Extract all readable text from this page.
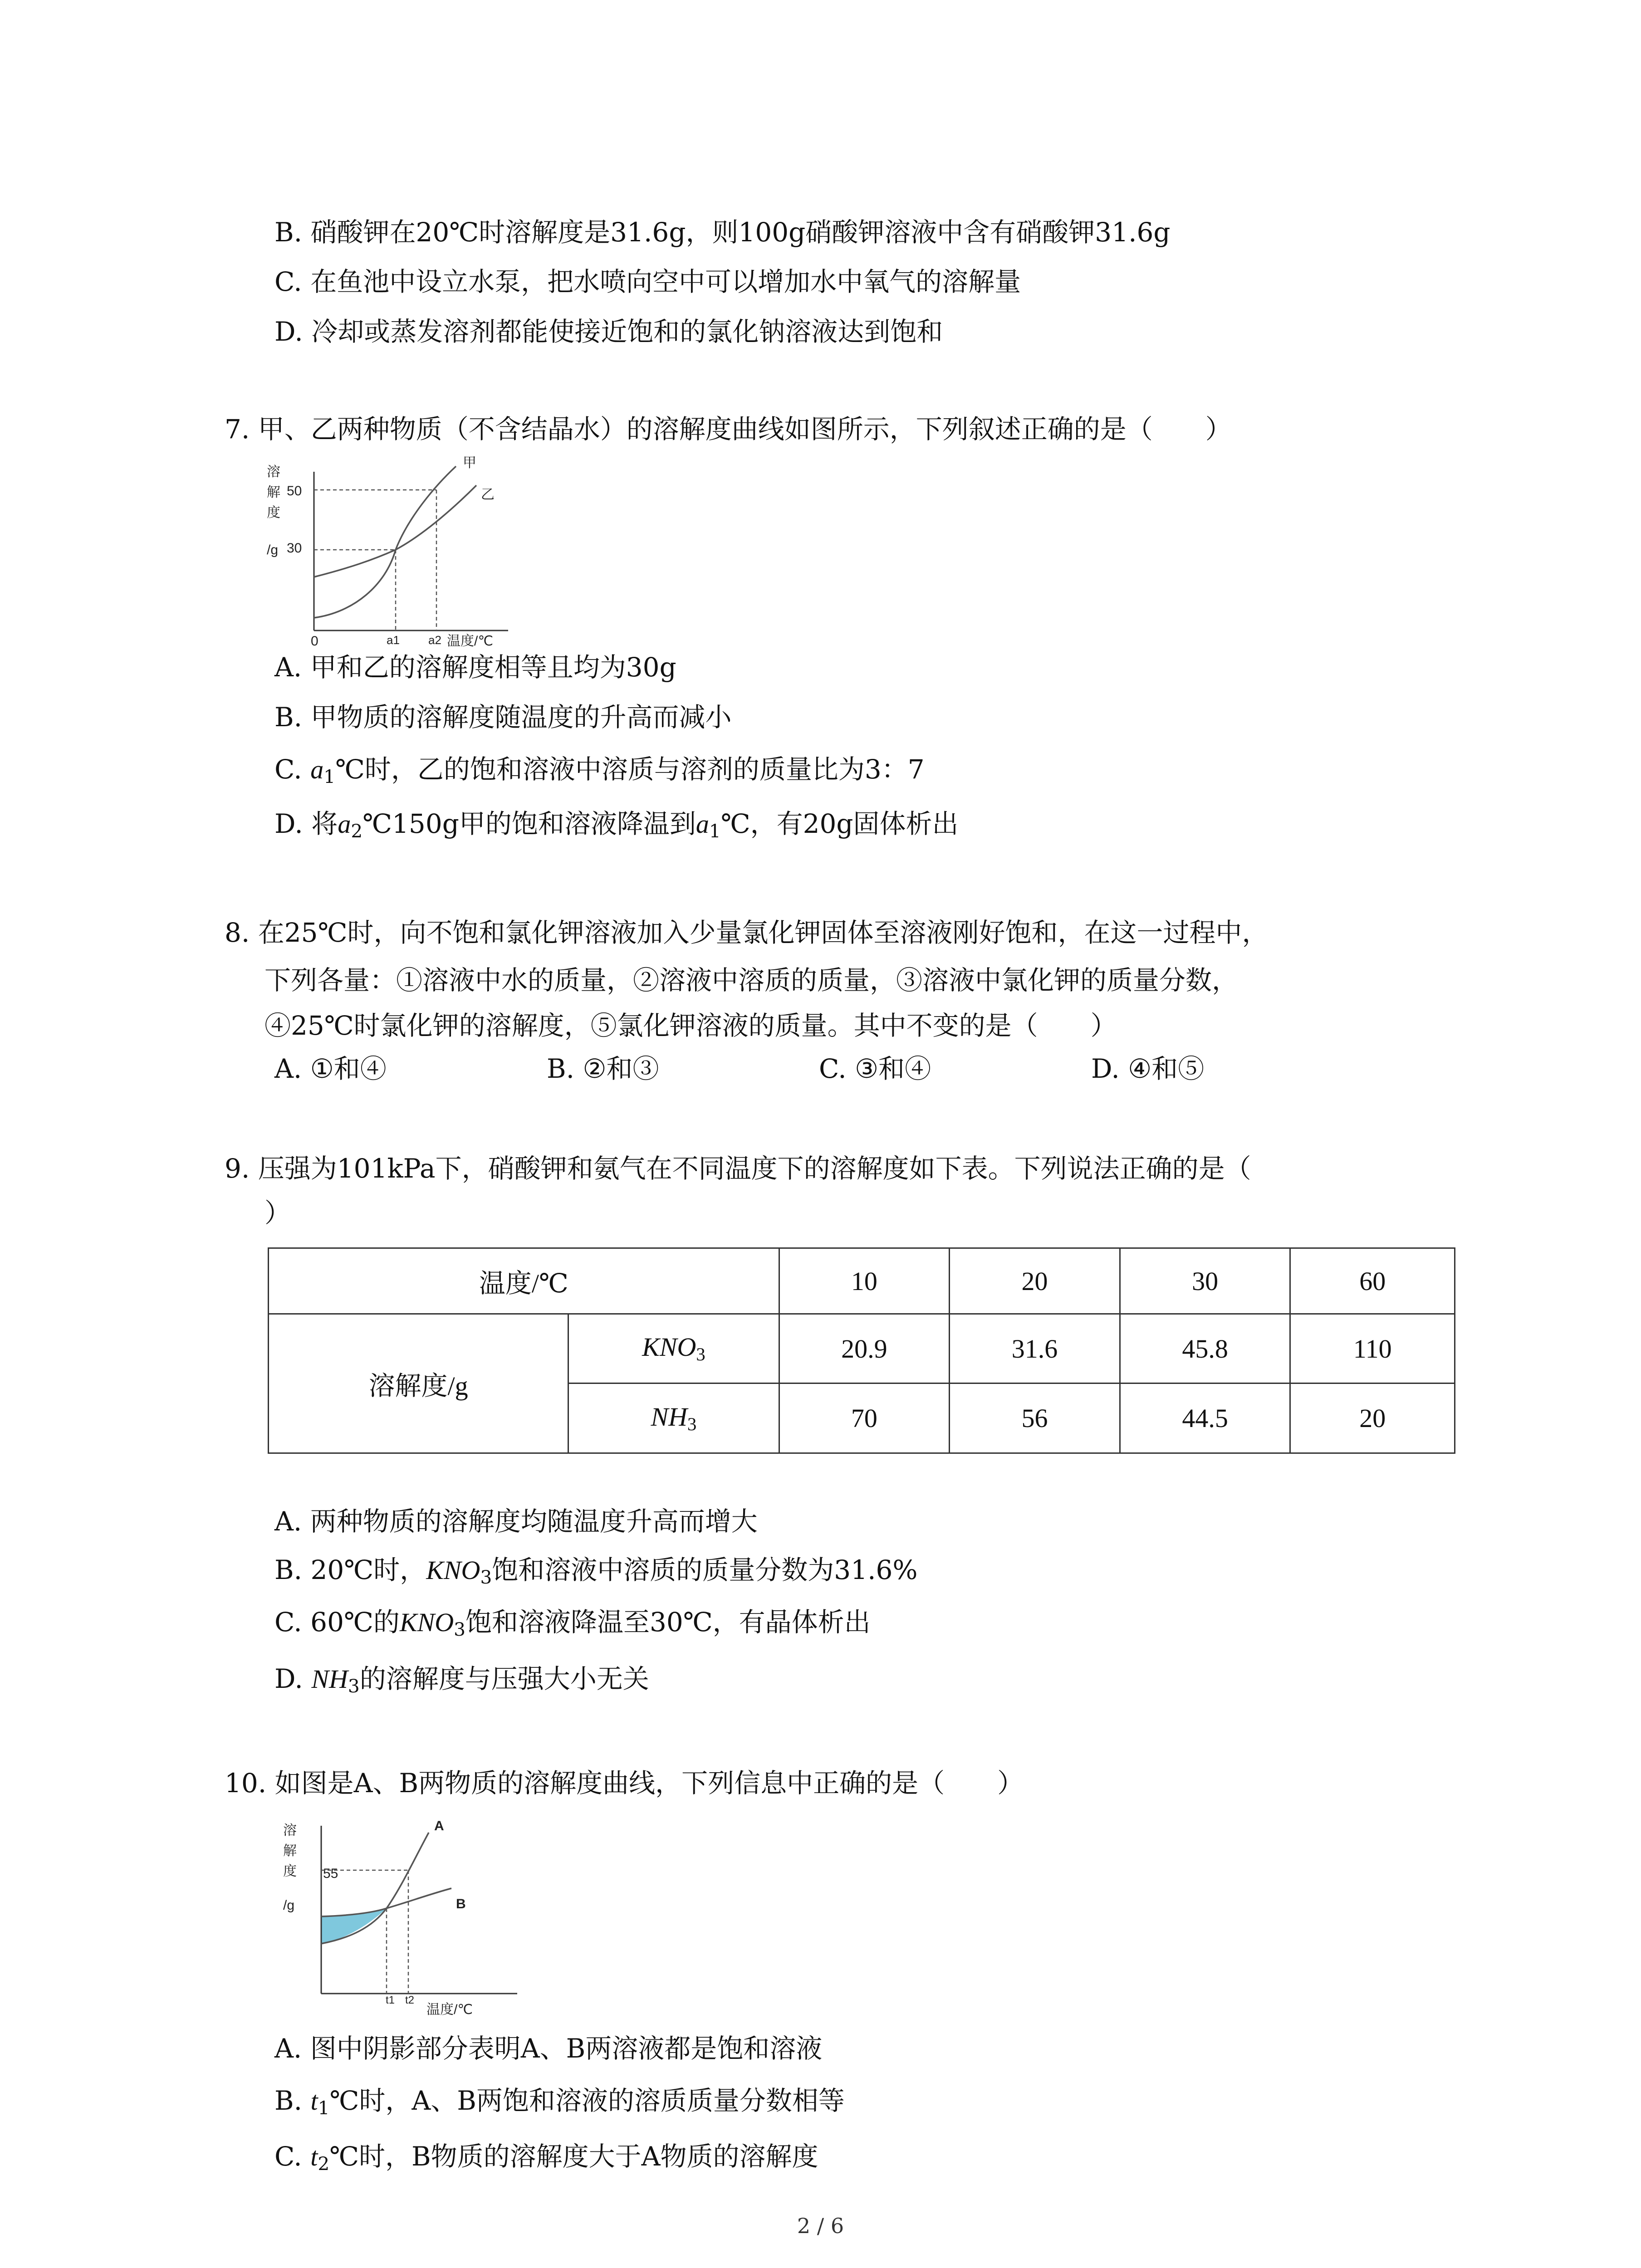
B. 硝酸钾在20℃时溶解度是31.6g，则100g硝酸钾溶液中含有硝酸钾31.6g
C. 在鱼池中设立水泵，把水喷向空中可以增加水中氧气的溶解量
D. 冷却或蒸发溶剂都能使接近饱和的氯化钠溶液达到饱和
7. 甲、乙两种物质（不含结晶水）的溶解度曲线如图所示，下列叙述正确的是（　　）
溶
解
度
/g
50
30
0	a1 a2 温度/℃
甲
乙
A. 甲和乙的溶解度相等且均为30g
B. 甲物质的溶解度随温度的升高而减小
C. $a_1℃$时，乙的饱和溶液中溶质与溶剂的质量比为3：7
D. 将$a_2℃150g$甲的饱和溶液降温到$a_1℃$，有20g固体析出
8. 在25℃时，向不饱和氯化钾溶液加入少量氯化钾固体至溶液刚好饱和，在这一过程中，
下列各量：①溶液中水的质量，②溶液中溶质的质量，③溶液中氯化钾的质量分数，
④25℃时氯化钾的溶解度，⑤氯化钾溶液的质量。其中不变的是（　　）
A. ①和④	B. ②和③	C. ③和④	D. ④和⑤
9. 压强为101kPa下，硝酸钾和氨气在不同温度下的溶解度如下表。下列说法正确的是（
）
温度/℃		10	20	30	60
溶解度/g	$KNO_3$	20.9	31.6	45.8	110
	$NH_3$	70	56	44.5	20
A. 两种物质的溶解度均随温度升高而增大
B. 20℃时，$KNO_3$饱和溶液中溶质的质量分数为31.6%
C. 60℃的$KNO_3$饱和溶液降温至30℃，有晶体析出
D. $NH_3$的溶解度与压强大小无关
10. 如图是A、B两物质的溶解度曲线，下列信息中正确的是（　　）
溶
解
度
/g
55
t1 t2
温度/℃
A
B
A. 图中阴影部分表明A、B两溶液都是饱和溶液
B. $t_1℃$时，A、B两饱和溶液的溶质质量分数相等
C. $t_2℃$时，B物质的溶解度大于A物质的溶解度
2 / 6
